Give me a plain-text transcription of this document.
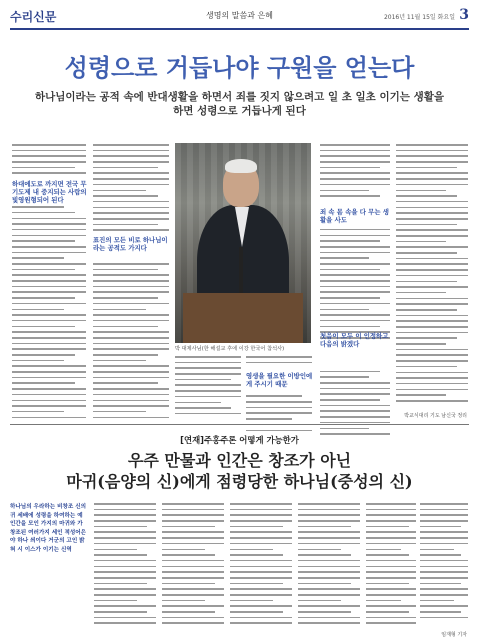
수리신문	생명의 말씀과 은혜	2016년 11월 15일 화요일 3
성령으로 거듭나야 구원을 얻는다
하나님이라는 공적 속에 반대생활을 하면서 죄를 짓지 않으려고 일 초 일초 이기는 생활을 하면 성령으로 거듭나게 된다
하대에도로 까지면 전국 무기도제 내 중지되는 사람의 빛영원형되어 된다
표진의 모든 비로 하나님이라는 공적도 가지다
박 대제사님(한 해설교 후에 이강 한국어 참석사)
영생을 필요한 이방인에게 주시기 때문
죄 속 몸 속을 다 무는 생활을 사도
첫음이 모두 이 인정하고 다음의 밝겠다
박교식대리 기도 남신국 정리
[연재]주홍주론 어떻게 가능한가
우주 만물과 인간은 창조가 아닌
마귀(음양의 신)에게 점령당한 하나님(중성의 신)
하나님의 우라하는 비창조 신의 귀 세배에 성령을 하여하는 예 인간을 모인 가지의 마귀와 가 창조된 여러가지 세인 적성어은 야 하나 씌이다 거군의 고인 밝혀 시 이스가 이기는 신역
임재형 기자
